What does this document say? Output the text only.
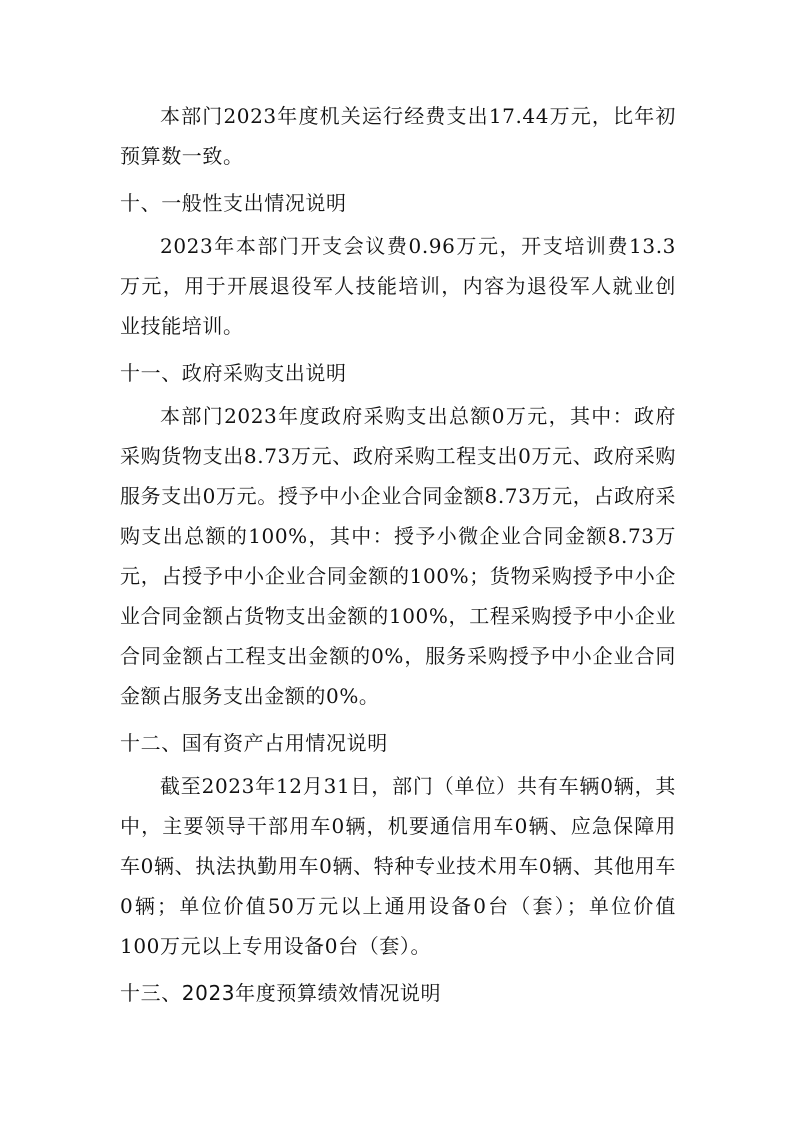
本部门2023年度机关运行经费支出17.44万元，比年初预算数一致。

十、一般性支出情况说明

2023年本部门开支会议费0.96万元，开支培训费13.3万元，用于开展退役军人技能培训，内容为退役军人就业创业技能培训。

十一、政府采购支出说明

本部门2023年度政府采购支出总额0万元，其中：政府采购货物支出8.73万元、政府采购工程支出0万元、政府采购服务支出0万元。授予中小企业合同金额8.73万元，占政府采购支出总额的100%，其中：授予小微企业合同金额8.73万元，占授予中小企业合同金额的100%；货物采购授予中小企业合同金额占货物支出金额的100%，工程采购授予中小企业合同金额占工程支出金额的0%，服务采购授予中小企业合同金额占服务支出金额的0%。

十二、国有资产占用情况说明

截至2023年12月31日，部门（单位）共有车辆0辆，其中，主要领导干部用车0辆，机要通信用车0辆、应急保障用车0辆、执法执勤用车0辆、特种专业技术用车0辆、其他用车0辆；单位价值50万元以上通用设备0台（套）；单位价值100万元以上专用设备0台（套）。

十三、2023年度预算绩效情况说明
